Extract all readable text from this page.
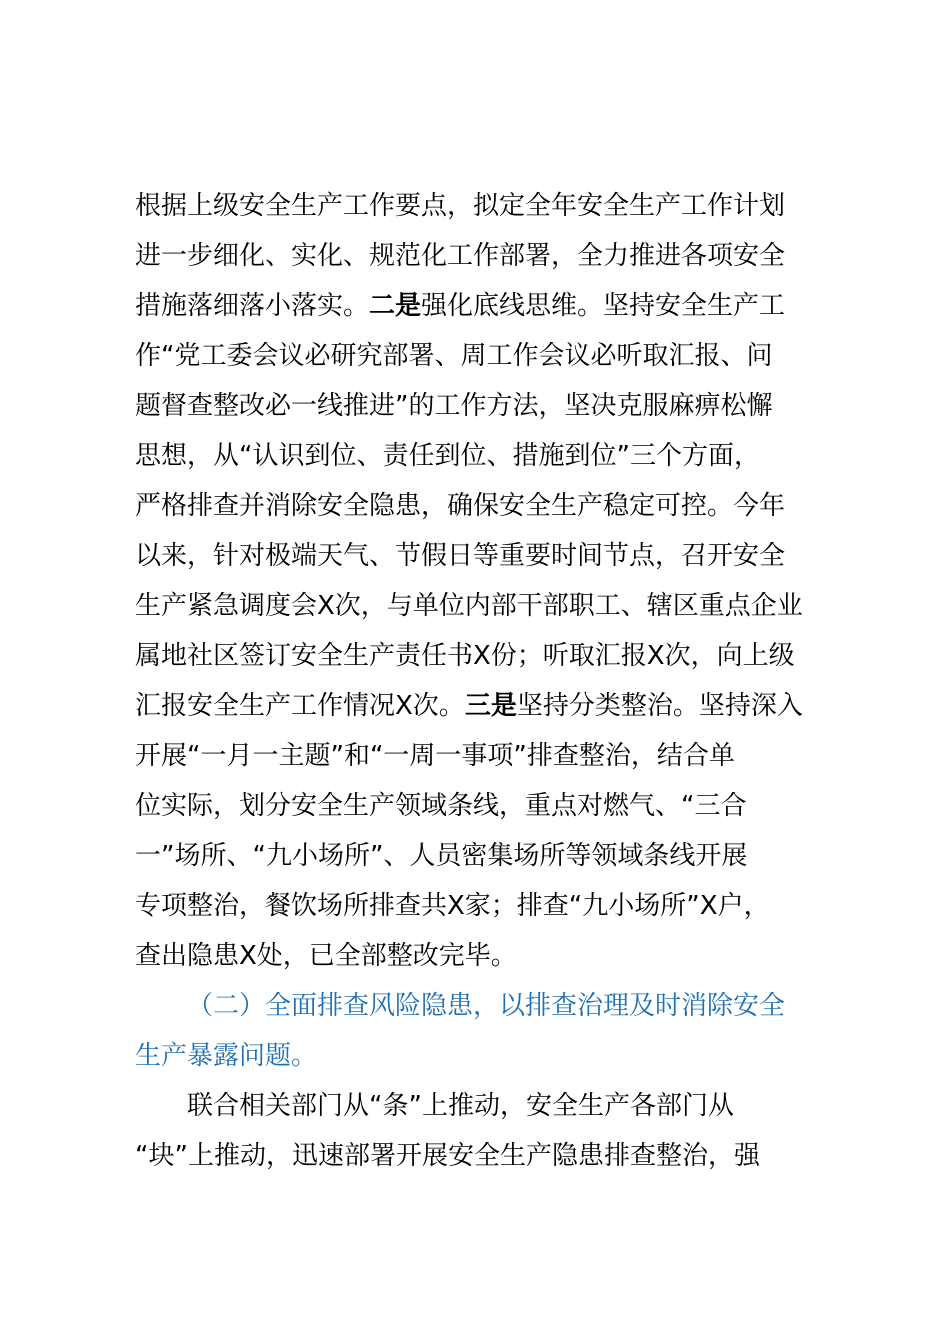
根据上级安全生产工作要点，拟定全年安全生产工作计划
进一步细化、实化、规范化工作部署，全力推进各项安全
措施落细落小落实。二是强化底线思维。坚持安全生产工
作“党工委会议必研究部署、周工作会议必听取汇报、问
题督查整改必一线推进”的工作方法，坚决克服麻痹松懈
思想，从“认识到位、责任到位、措施到位”三个方面，
严格排查并消除安全隐患，确保安全生产稳定可控。今年
以来，针对极端天气、节假日等重要时间节点，召开安全
生产紧急调度会X次，与单位内部干部职工、辖区重点企业
属地社区签订安全生产责任书X份；听取汇报X次，向上级
汇报安全生产工作情况X次。三是坚持分类整治。坚持深入
开展“一月一主题”和“一周一事项”排查整治，结合单
位实际，划分安全生产领域条线，重点对燃气、“三合
一”场所、“九小场所”、人员密集场所等领域条线开展
专项整治，餐饮场所排查共X家；排查“九小场所”X户，
查出隐患X处，已全部整改完毕。
（二）全面排查风险隐患，以排查治理及时消除安全
生产暴露问题。
联合相关部门从“条”上推动，安全生产各部门从
“块”上推动，迅速部署开展安全生产隐患排查整治，强
